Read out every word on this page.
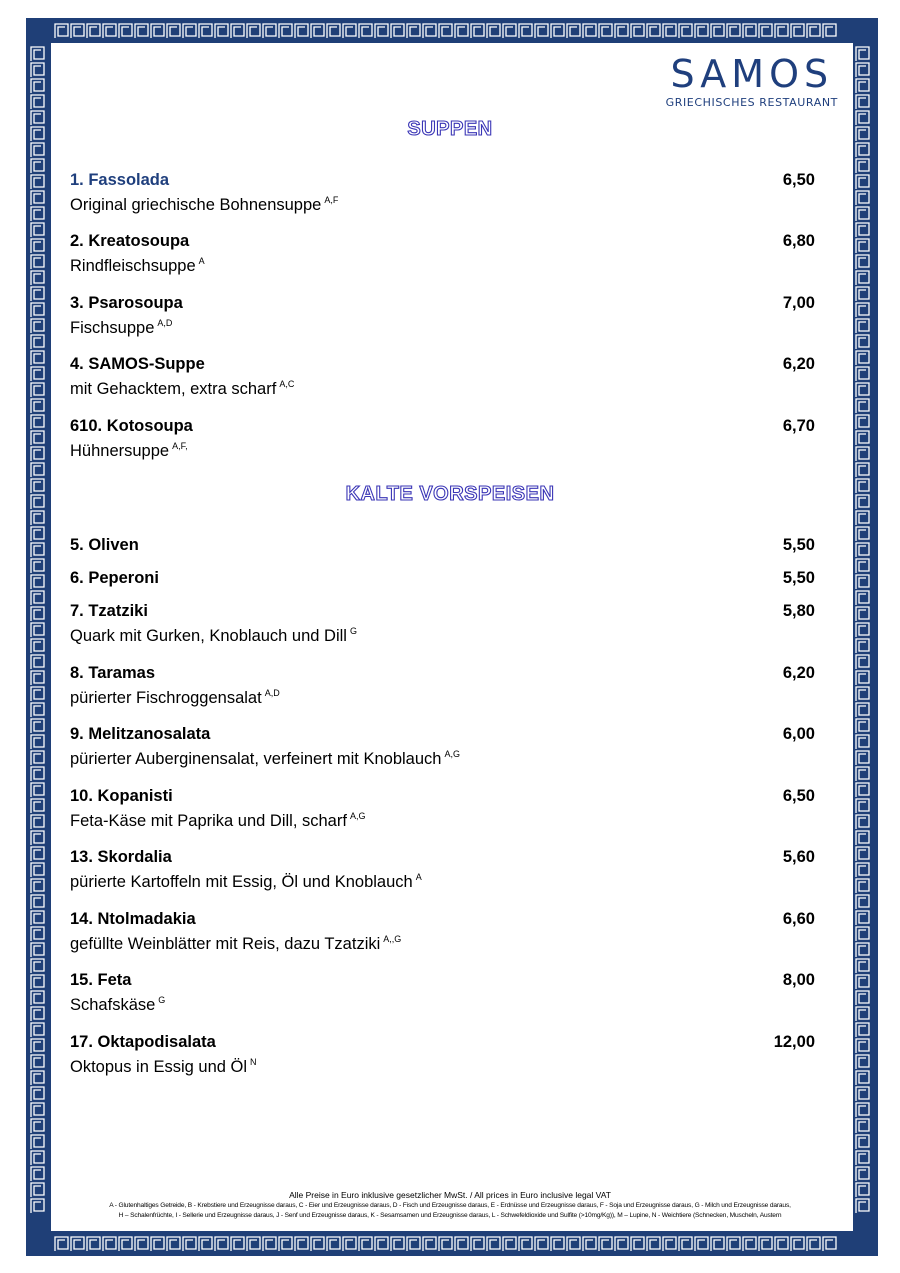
SAMOS
GRIECHISCHES RESTAURANT
SUPPEN
1. Fassolada	6,50
Original griechische Bohnensuppe $^{A,F}$
2. Kreatosoupa	6,80
Rindfleischsuppe $^A$
3. Psarosoupa	7,00
Fischsuppe $^{A,D}$
4. SAMOS-Suppe	6,20
mit Gehacktem, extra scharf $^{A,C}$
610. Kotosoupa	6,70
Hühnersuppe $^{A,F,}$
KALTE VORSPEISEN
5. Oliven	5,50
6. Peperoni	5,50
7. Tzatziki	5,80
Quark mit Gurken, Knoblauch und Dill $^G$
8. Taramas	6,20
pürierter Fischroggensalat $^{A,D}$
9. Melitzanosalata	6,00
pürierter Auberginensalat, verfeinert mit Knoblauch $^{A,G}$
10. Kopanisti	6,50
Feta-Käse mit Paprika und Dill, scharf $^{A,G}$
13. Skordalia	5,60
pürierte Kartoffeln mit Essig, Öl und Knoblauch $^A$
14. Ntolmadakia	6,60
gefüllte Weinblätter mit Reis, dazu Tzatziki $^{A,,G}$
15. Feta	8,00
Schafskäse $^G$
17. Oktapodisalata	12,00
Oktopus in Essig und Öl $^N$
Alle Preise in Euro inklusive gesetzlicher MwSt. / All prices in Euro inclusive legal VAT
A - Glutenhaltiges Getreide, B - Krebstiere und Erzeugnisse daraus, C - Eier und Erzeugnisse daraus, D - Fisch und Erzeugnisse daraus, E - Erdnüsse und Erzeugnisse daraus, F - Soja und Erzeugnisse daraus, G - Milch und Erzeugnisse daraus,
H – Schalenfrüchte, I - Sellerie und Erzeugnisse daraus, J - Senf und Erzeugnisse daraus, K - Sesamsamen und Erzeugnisse daraus, L - Schwefeldioxide und Sulfite (>10mg/Kg)), M – Lupine, N - Weichtiere (Schnecken, Muscheln, Austern
